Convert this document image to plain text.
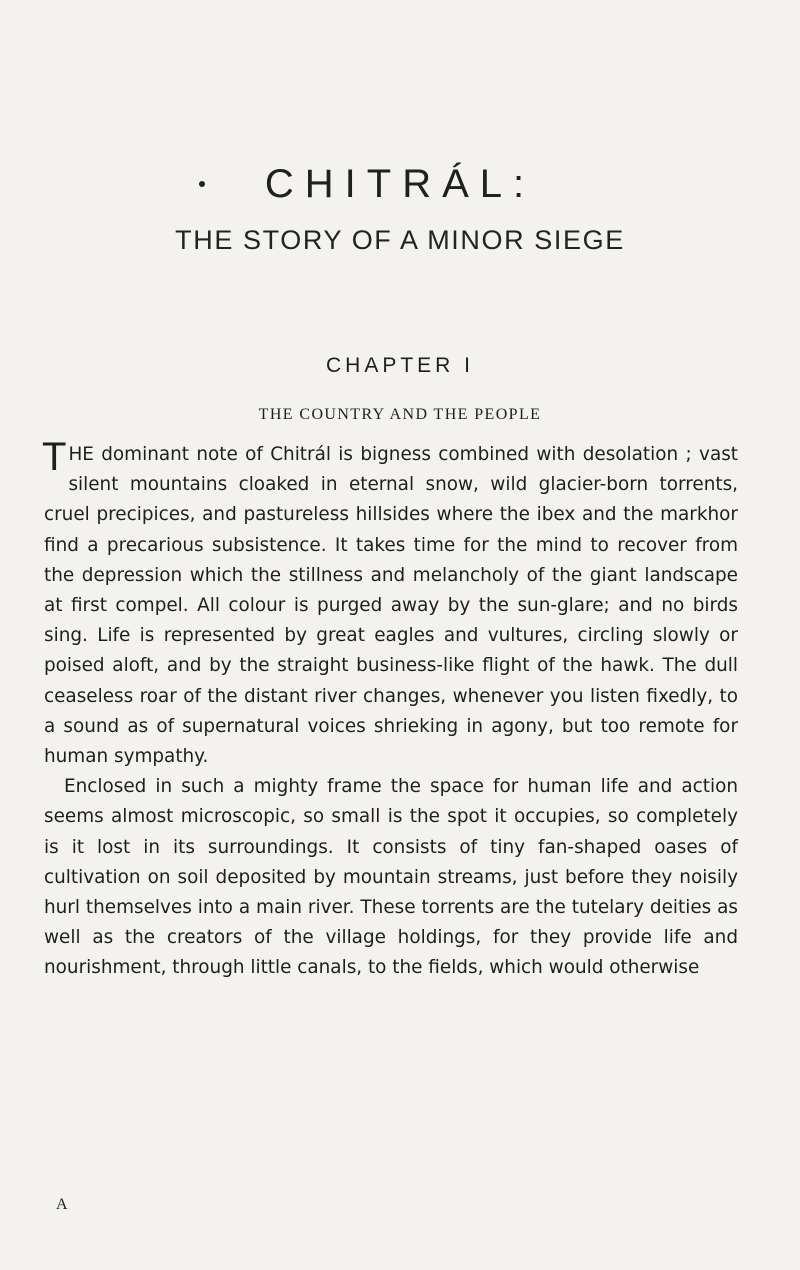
CHITRÁL:
THE STORY OF A MINOR SIEGE
CHAPTER I
THE COUNTRY AND THE PEOPLE

THE dominant note of Chitrál is bigness combined with desolation ; vast silent mountains cloaked in eternal snow, wild glacier-born torrents, cruel precipices, and pastureless hillsides where the ibex and the markhor find a precarious subsistence. It takes time for the mind to recover from the depression which the stillness and melancholy of the giant landscape at first compel. All colour is purged away by the sun-glare; and no birds sing. Life is represented by great eagles and vultures, circling slowly or poised aloft, and by the straight business-like flight of the hawk. The dull ceaseless roar of the distant river changes, whenever you listen fixedly, to a sound as of supernatural voices shrieking in agony, but too remote for human sympathy.

Enclosed in such a mighty frame the space for human life and action seems almost microscopic, so small is the spot it occupies, so completely is it lost in its surroundings. It consists of tiny fan-shaped oases of cultivation on soil deposited by mountain streams, just before they noisily hurl themselves into a main river. These torrents are the tutelary deities as well as the creators of the village holdings, for they provide life and nourishment, through little canals, to the fields, which would otherwise

A
